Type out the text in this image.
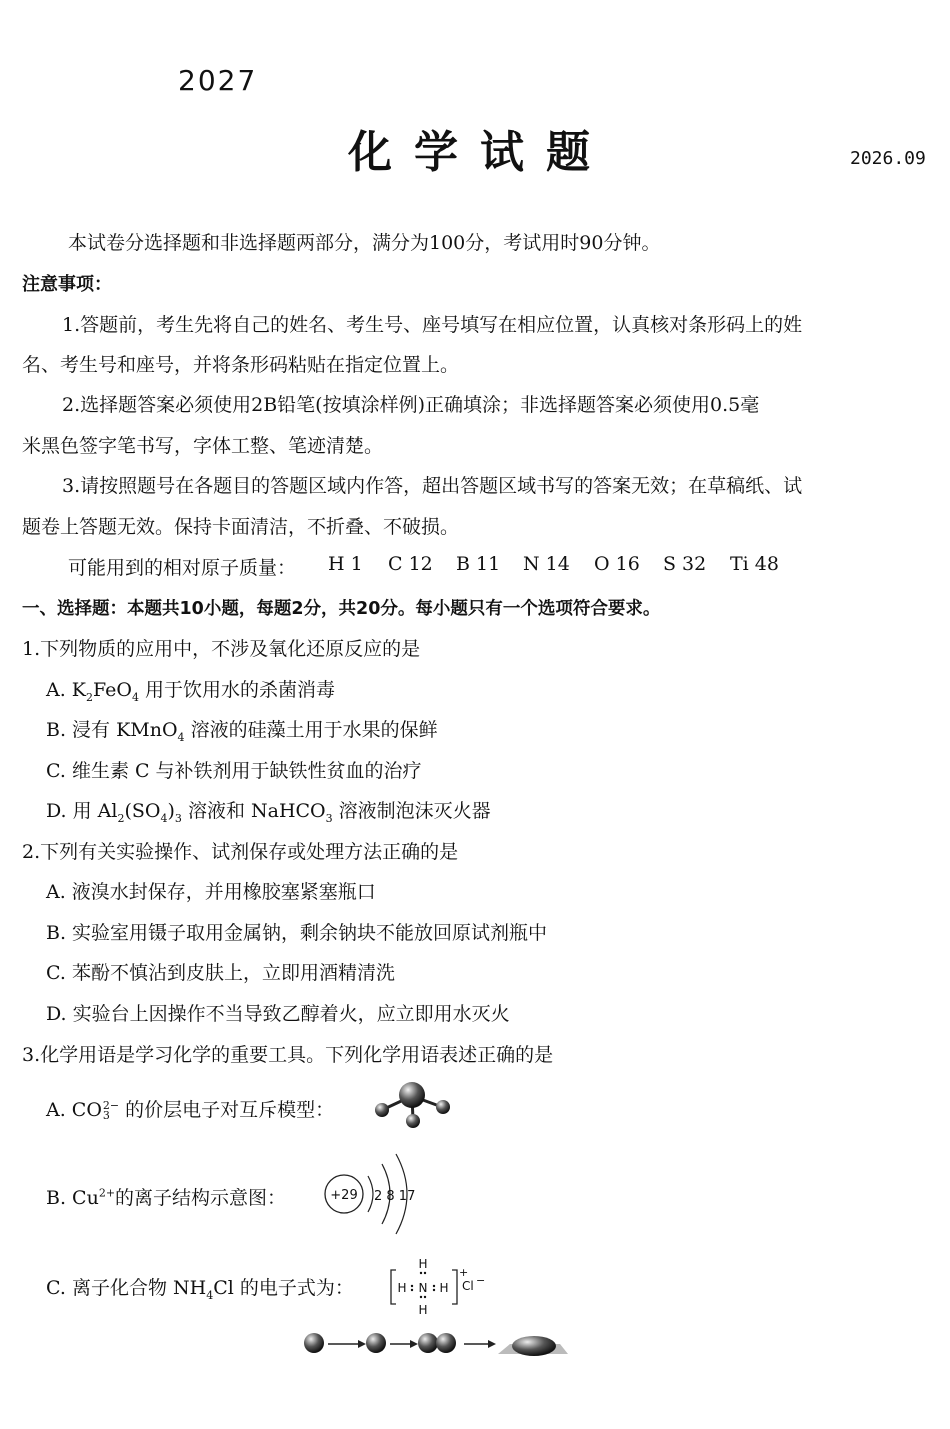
2027
化学试题	2026.09
本试卷分选择题和非选择题两部分，满分为100分，考试用时90分钟。
注意事项：
1.答题前，考生先将自己的姓名、考生号、座号填写在相应位置，认真核对条形码上的姓
名、考生号和座号，并将条形码粘贴在指定位置上。
2.选择题答案必须使用2B铅笔(按填涂样例)正确填涂；非选择题答案必须使用0.5毫
米黑色签字笔书写，字体工整、笔迹清楚。
3.请按照题号在各题目的答题区域内作答，超出答题区域书写的答案无效；在草稿纸、试
题卷上答题无效。保持卡面清洁，不折叠、不破损。
可能用到的相对原子质量： H 1 C 12 B 11 N 14 O 16 S 32 Ti 48
一、选择题：本题共10小题，每题2分，共20分。每小题只有一个选项符合要求。
1.下列物质的应用中，不涉及氧化还原反应的是
A. $K_2FeO_4$ 用于饮用水的杀菌消毒
B. 浸有 KMnO$_4$ 溶液的硅藻土用于水果的保鲜
C. 维生素 C 与补铁剂用于缺铁性贫血的治疗
D. 用 $Al_2(SO_4)_3$ 溶液和 NaHCO$_3$ 溶液制泡沫灭火器
2.下列有关实验操作、试剂保存或处理方法正确的是
A. 液溴水封保存，并用橡胶塞紧塞瓶口
B. 实验室用镊子取用金属钠，剩余钠块不能放回原试剂瓶中
C. 苯酚不慎沾到皮肤上，立即用酒精清洗
D. 实验台上因操作不当导致乙醇着火，应立即用水灭火
3.化学用语是学习化学的重要工具。下列化学用语表述正确的是
A. CO 2−
3 的价层电子对互斥模型：
B. $Cu^{2+}$的离子结构示意图：	+29 2 8 17
C. 离子化合物 $NH_4Cl$ 的电子式为：
H
H N H
H
+
Cl −
